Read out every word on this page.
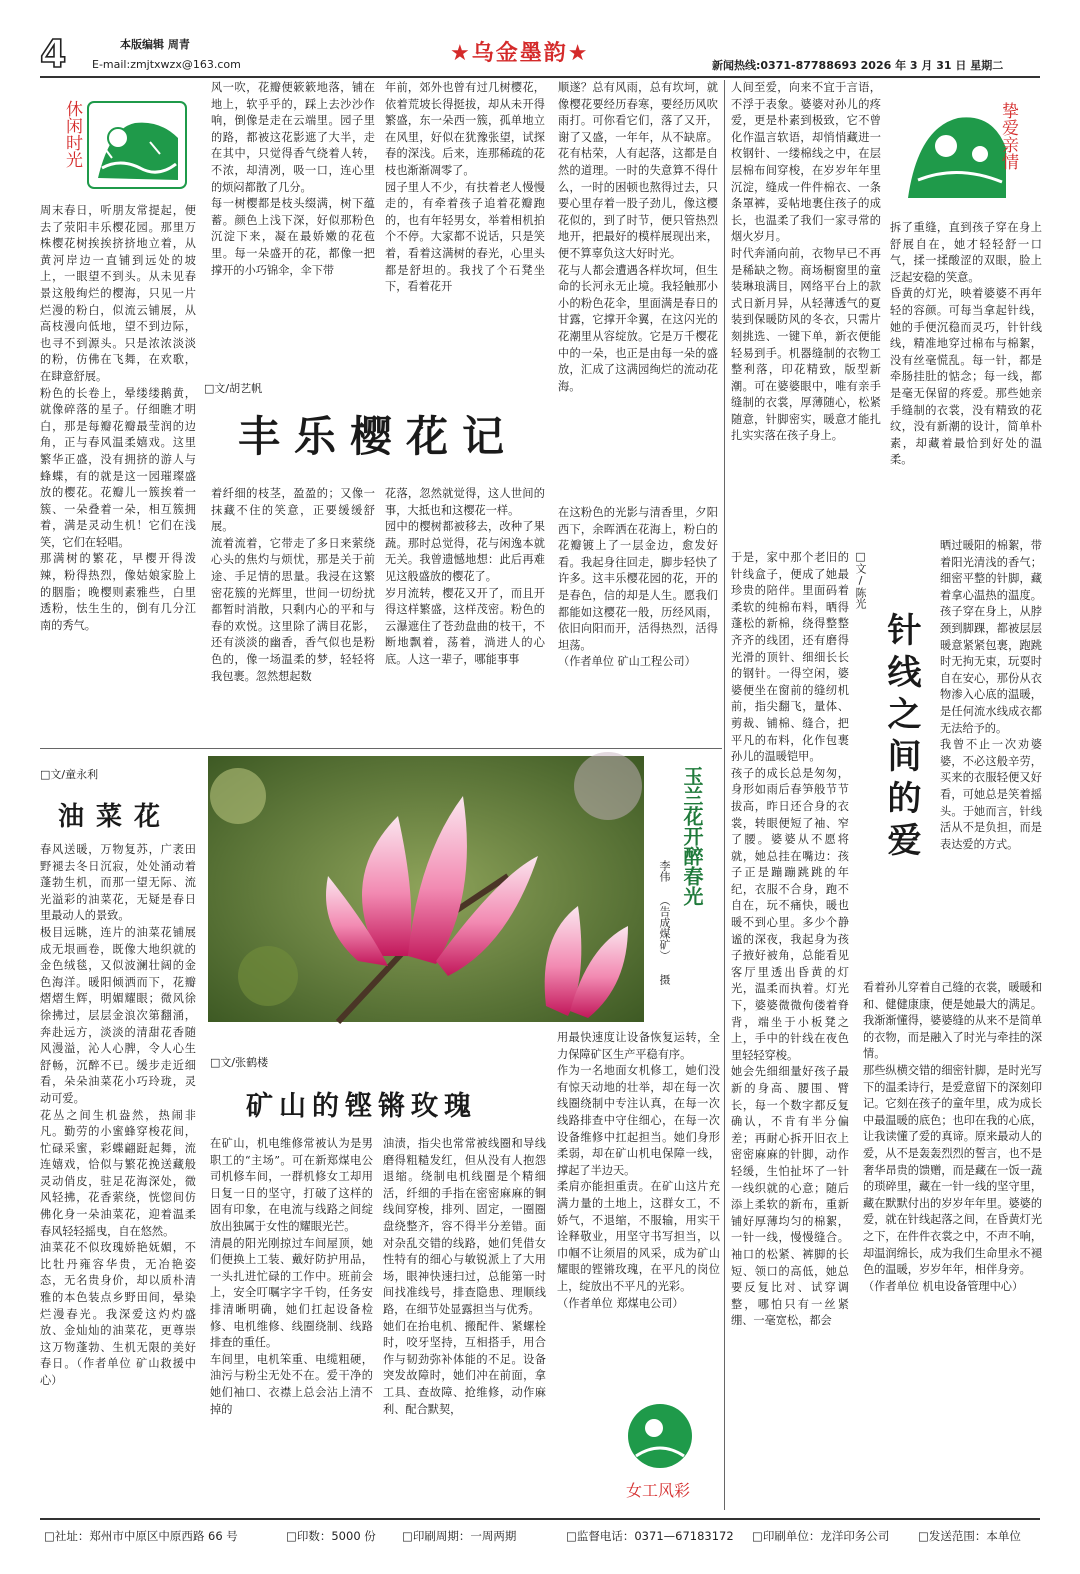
4	本版编辑 周青
E-mail:zmjtxwzx@163.com	★乌金墨韵★	新闻热线:0371-87788693 2026 年 3 月 31 日 星期二
休闲时光
周末春日，听朋友常提起，便去了荥阳丰乐樱花园。那里万株樱花树挨挨挤挤地立着，从黄河岸边一直铺到远处的坡上，一眼望不到头。从未见春景这般绚烂的樱海，只见一片烂漫的粉白，似流云铺展，从高枝漫向低地，望不到边际，也寻不到源头。只是浓浓淡淡的粉，仿佛在飞舞，在欢歌，在肆意舒展。
粉色的长卷上，晕缕缕鹅黄，就像碎落的星子。仔细瞧才明白，那是每瓣花瓣最莹润的边角，正与春风温柔嬉戏。这里繁华正盛，没有拥挤的游人与蜂蝶，有的就是这一园璀璨盛放的樱花。花瓣儿一簇挨着一簇、一朵叠着一朵，相互簇拥着，满是灵动生机！它们在浅笑，它们在轻唱。
那满树的繁花，早樱开得泼辣，粉得热烈，像姑娘家脸上的胭脂；晚樱则素雅些，白里透粉，怯生生的，倒有几分江南的秀气。
风一吹，花瓣便簌簌地落，铺在地上，软乎乎的，踩上去沙沙作响，倒像是走在云端里。园子里的路，都被这花影遮了大半，走在其中，只觉得香气绕着人转，不浓，却清冽，吸一口，连心里的烦闷都散了几分。
每一树樱都是枝头缀满，树下蕴蓄。颜色上浅下深，好似那粉色沉淀下来，凝在最娇嫩的花苞里。每一朵盛开的花，都像一把撑开的小巧锦伞，伞下带
年前，郊外也曾有过几树樱花，依着荒坡长得挺拔，却从未开得繁盛，东一朵西一簇，孤单地立在风里，好似在犹豫张望，试探春的深浅。后来，连那稀疏的花枝也渐渐凋零了。
园子里人不少，有扶着老人慢慢走的，有牵着孩子追着花瓣跑的，也有年轻男女，举着相机拍个不停。大家都不说话，只是笑着，看着这满树的春光，心里头都是舒坦的。我找了个石凳坐下，看着花开
顺遂？总有风雨，总有坎坷，就像樱花要经历春寒，要经历风吹雨打。可你看它们，落了又开，谢了又盛，一年年，从不缺席。花有枯荣，人有起落，这都是自然的道理。一时的失意算不得什么，一时的困顿也熬得过去，只要心里存着一股子劲儿，像这樱花似的，到了时节，便只管热烈地开，把最好的模样展现出来，便不算辜负这大好时光。
花与人都会遭遇各样坎坷，但生命的长河永无止境。我轻触那小小的粉色花伞，里面满是春日的甘露，它撑开伞翼，在这闪光的花潮里从容绽放。它是万千樱花中的一朵，也正是由每一朵的盛放，汇成了这满园绚烂的流动花海。
□文/胡艺帆
丰乐樱花记
着纤细的枝茎，盈盈的；又像一抹藏不住的笑意，正要缓缓舒展。
流着流着，它带走了多日来萦绕心头的焦灼与烦忧，那是关于前途、手足情的思量。我浸在这繁密花簇的光辉里，世间一切纷扰都暂时消散，只剩内心的平和与春的欢悦。这里除了满目花影，还有淡淡的幽香，香气似也是粉色的，像一场温柔的梦，轻轻将我包裹。忽然想起数
花落，忽然就觉得，这人世间的事，大抵也和这樱花一样。
园中的樱树都被移去，改种了果蔬。那时总觉得，花与闲逸本就无关。我曾遗憾地想：此后再难见这般盛放的樱花了。
岁月流转，樱花又开了，而且开得这样繁盛，这样茂密。粉色的云瀑遮住了苍劲盘曲的枝干，不断地飘着，荡着，淌进人的心底。人这一辈子，哪能事事
在这粉色的光影与清香里，夕阳西下，余晖洒在花海上，粉白的花瓣镀上了一层金边，愈发好看。我起身往回走，脚步轻快了许多。这丰乐樱花园的花，开的是春色，信的却是人生。愿我们都能如这樱花一般，历经风雨，依旧向阳而开，活得热烈，活得坦荡。
（作者单位 矿山工程公司）
挚爱亲情
人间至爱，向来不宜于言语，不浮于表象。婆婆对孙儿的疼爱，更是朴素到极致，它不曾化作温言软语，却悄悄藏进一枚钢针、一缕棉线之中，在层层棉布间穿梭，在岁岁年年里沉淀，缝成一件件棉衣、一条条罩裤，妥帖地裹住孩子的成长，也温柔了我们一家寻常的烟火岁月。
时代奔涌向前，衣物早已不再是稀缺之物。商场橱窗里的童装琳琅满目，网络平台上的款式日新月异，从轻薄透气的夏装到保暖防风的冬衣，只需片刻挑选、一键下单，新衣便能轻易到手。机器缝制的衣物工整利落，印花精致，版型新潮。可在婆婆眼中，唯有亲手缝制的衣裳，厚薄随心，松紧随意，针脚密实，暖意才能扎扎实实落在孩子身上。
拆了重缝，直到孩子穿在身上舒展自在，她才轻轻舒一口气，揉一揉酸涩的双眼，脸上泛起安稳的笑意。
昏黄的灯光，映着婆婆不再年轻的容颜。可每当拿起针线，她的手便沉稳而灵巧，针针线线，精准地穿过棉布与棉絮，没有丝毫慌乱。每一针，都是牵肠挂肚的惦念；每一线，都是毫无保留的疼爱。那些她亲手缝制的衣裳，没有精致的花纹，没有新潮的设计，简单朴素，却藏着最恰到好处的温柔。
□文/陈光
针线之间的爱
于是，家中那个老旧的针线盒子，便成了她最珍贵的陪伴。里面码着柔软的纯棉布料，晒得蓬松的新棉，绕得整整齐齐的线团，还有磨得光滑的顶针、细细长长的钢针。一得空闲，婆婆便坐在窗前的缝纫机前，指尖翻飞，量体、剪裁、铺棉、缝合，把平凡的布料，化作包裹孙儿的温暖铠甲。
孩子的成长总是匆匆，身形如雨后春笋般节节拔高，昨日还合身的衣裳，转眼便短了袖、窄了腰。婆婆从不愿将就，她总挂在嘴边：孩子正是蹦蹦跳跳的年纪，衣服不合身，跑不自在，玩不痛快，暖也暖不到心里。多少个静谧的深夜，我起身为孩子掖好被角，总能看见客厅里透出昏黄的灯光，温柔而执着。灯光下，婆婆微微佝偻着脊背，端坐于小板凳之上，手中的针线在夜色里轻轻穿梭。
她会先细细量好孩子最新的身高、腰围、臂长，每一个数字都反复确认，不肯有半分偏差；再耐心拆开旧衣上密密麻麻的针脚，动作轻缓，生怕扯坏了一针一线织就的心意；随后添上柔软的新布，重新铺好厚薄均匀的棉絮，一针一线，慢慢缝合。袖口的松紧、裤脚的长短、领口的高低，她总要反复比对、试穿调整，哪怕只有一丝紧绷、一毫宽松，都会
晒过暖阳的棉絮，带着阳光清浅的香气；细密平整的针脚，藏着拿心温热的温度。孩子穿在身上，从脖颈到脚踝，都被层层暖意紧紧包裹，跑跳时无拘无束，玩耍时自在安心，那份从衣物渗入心底的温暖，是任何流水线成衣都无法给予的。
我曾不止一次劝婆婆，不必这般辛劳，买来的衣服轻便又好看，可她总是笑着摇头。于她而言，针线活从不是负担，而是表达爱的方式。
看着孙儿穿着自己缝的衣裳，暖暖和和、健健康康，便是她最大的满足。我渐渐懂得，婆婆缝的从来不是简单的衣物，而是融入了时光与牵挂的深情。
那些纵横交错的细密针脚，是时光写下的温柔诗行，是爱意留下的深刻印记。它刻在孩子的童年里，成为成长中最温暖的底色；也印在我的心底，让我读懂了爱的真谛。原来最动人的爱，从不是轰轰烈烈的誓言，也不是奢华昂贵的馈赠，而是藏在一饭一蔬的琐碎里，藏在一针一线的坚守里，藏在默默付出的岁岁年年里。婆婆的爱，就在针线起落之间，在昏黄灯光之下，在件件衣裳之中，不声不响，却温润绵长，成为我们生命里永不褪色的温暖，岁岁年年，相伴身旁。
（作者单位 机电设备管理中心）
□文/童永利
油菜花
春风送暖，万物复苏，广袤田野褪去冬日沉寂，处处涌动着蓬勃生机，而那一望无际、流光溢彩的油菜花，无疑是春日里最动人的景致。
极目远眺，连片的油菜花铺展成无垠画卷，既像大地织就的金色绒毯，又似波澜壮阔的金色海洋。暖阳倾洒而下，花瓣熠熠生辉，明媚耀眼；微风徐徐拂过，层层金浪次第翻涌，奔赴远方，淡淡的清甜花香随风漫溢，沁人心脾，令人心生舒畅，沉醉不已。缓步走近细看，朵朵油菜花小巧玲珑，灵动可爱。
花丛之间生机盎然，热闹非凡。勤劳的小蜜蜂穿梭花间，忙碌采蜜，彩蝶翩跹起舞，流连嬉戏，恰似与繁花挽送藏般灵动俏皮，驻足花海深处，微风轻拂，花香萦绕，恍惚间仿佛化身一朵油菜花，迎着温柔春风轻轻摇曳，自在悠然。
油菜花不似玫瑰娇艳妩媚，不比牡丹雍容华贵，无冶艳姿态，无名贵身价，却以质朴清雅的本色装点乡野田间，晕染烂漫春光。我深爱这灼灼盛放、金灿灿的油菜花，更尊崇这万物蓬勃、生机无限的美好春日。（作者单位 矿山救援中心）
玉兰花开醉春光
李伟 （告成煤矿） 摄
□文/张鹤楼
矿山的铿锵玫瑰
在矿山，机电维修常被认为是男职工的“主场”。可在新郑煤电公司机修车间，一群机修女工却用日复一日的坚守，打破了这样的固有印象，在电流与线路之间绽放出独属于女性的耀眼光芒。
清晨的阳光刚掠过车间屋顶，她们便换上工装、戴好防护用品，一头扎进忙碌的工作中。班前会上，安全叮嘱字字千钧，任务安排清晰明确，她们扛起设备检修、电机维修、线圈绕制、线路排查的重任。
车间里，电机笨重、电缆粗硬，油污与粉尘无处不在。爱干净的她们袖口、衣襟上总会沾上清不掉的
油渍，指尖也常常被线圈和导线磨得粗糙发红，但从没有人抱怨退缩。绕制电机线圈是个精细活，纤细的手指在密密麻麻的铜线间穿梭，排列、固定，一圈圈盘绕整齐，容不得半分差错。面对杂乱交错的线路，她们凭借女性特有的细心与敏锐派上了大用场，眼神快速扫过，总能第一时间找准线号，排查隐患、理顺线路，在细节处显露担当与优秀。
她们在抬电机、搬配件、紧螺栓时，咬牙坚持，互相搭手，用合作与韧劲弥补体能的不足。设备突发故障时，她们冲在前面，拿工具、查故障、抢维修，动作麻利、配合默契，
用最快速度让设备恢复运转，全力保障矿区生产平稳有序。
作为一名地面女机修工，她们没有惊天动地的壮举，却在每一次线圈绕制中专注认真，在每一次线路排查中守住细心，在每一次设备维修中扛起担当。她们身形柔弱，却在矿山机电保障一线，撑起了半边天。
柔肩亦能担重责。在矿山这片充满力量的土地上，这群女工，不娇气，不退缩，不服输，用实干诠释敬业，用坚守书写担当，以巾帼不让须眉的风采，成为矿山耀眼的铿锵玫瑰，在平凡的岗位上，绽放出不平凡的光彩。
（作者单位 郑煤电公司）
女工风彩
□社址：郑州市中原区中原西路 66 号	□印数：5000 份 □印刷周期：一周两期	□监督电话：0371—67183172 □印刷单位：龙洋印务公司 □发送范围：本单位
